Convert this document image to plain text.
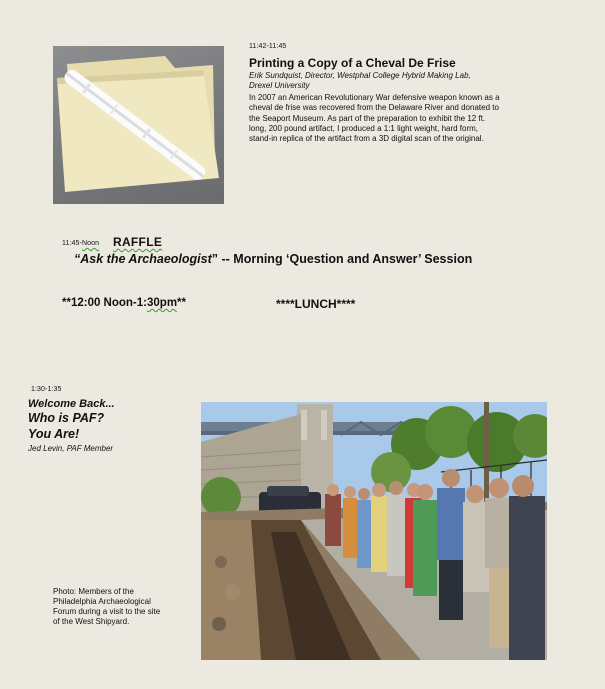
11:42-11:45
Printing a Copy of a Cheval De Frise
Erik Sundquist, Director, Westphal College Hybrid Making Lab,
Drexel University
In 2007 an American Revolutionary War defensive weapon known as a
cheval de frise was recovered from the Delaware River and donated to
the Seaport Museum. As part of the preparation to exhibit the 12 ft.
long, 200 pound artifact, I produced a 1:1 light weight, hard form,
stand-in replica of the artifact from a 3D digital scan of the original.
11:45-Noon RAFFLE
“Ask the Archaeologist” -- Morning ‘Question and Answer’ Session
**12:00 Noon-1:30pm**	****LUNCH****
1:30-1:35
Welcome Back...
Who is PAF?
You Are!
Jed Levin, PAF Member
Photo: Members of the
Philadelphia Archaeological
Forum during a visit to the site
of the West Shipyard.
